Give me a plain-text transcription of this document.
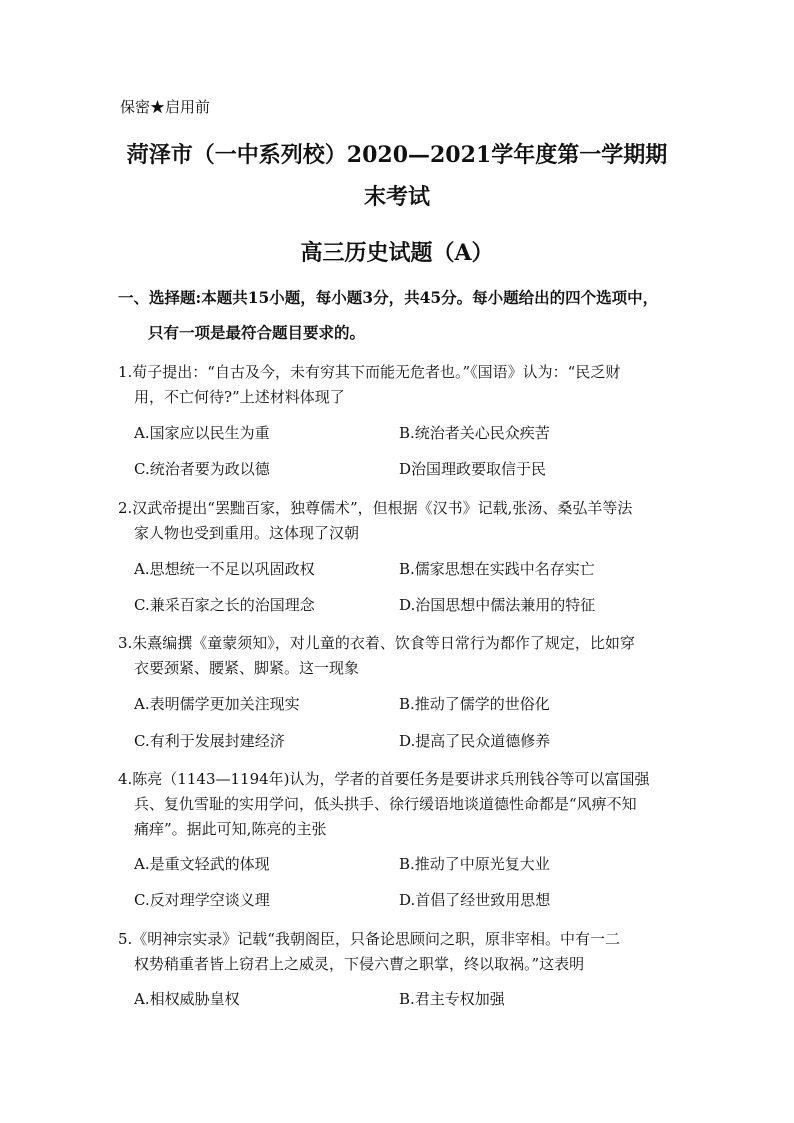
保密★启用前
菏泽市（一中系列校）2020—2021学年度第一学期期
末考试
高三历史试题（A）
一、选择题:本题共15小题，每小题3分，共45分。每小题给出的四个选项中，
只有一项是最符合题目要求的。
1.荀子提出：“自古及今，未有穷其下而能无危者也。”《国语》认为：“民乏财
用，不亡何待?”上述材料体现了
A.国家应以民生为重	B.统治者关心民众疾苦
C.统治者要为政以德	D治国理政要取信于民
2.汉武帝提出“罢黜百家，独尊儒术”，但根据《汉书》记载,张汤、桑弘羊等法
家人物也受到重用。这体现了汉朝
A.思想统一不足以巩固政权	B.儒家思想在实践中名存实亡
C.兼采百家之长的治国理念	D.治国思想中儒法兼用的特征
3.朱熹编撰《童蒙须知》，对儿童的衣着、饮食等日常行为都作了规定，比如穿
衣要颈紧、腰紧、脚紧。这一现象
A.表明儒学更加关注现实	B.推动了儒学的世俗化
C.有利于发展封建经济	D.提高了民众道德修养
4.陈亮（1143—1194年)认为，学者的首要任务是要讲求兵刑钱谷等可以富国强
兵、复仇雪耻的实用学问，低头拱手、徐行缓语地谈道德性命都是“风痹不知
痛痒”。据此可知,陈亮的主张
A.是重文轻武的体现	B.推动了中原光复大业
C.反对理学空谈义理	D.首倡了经世致用思想
5.《明神宗实录》记载“我朝阁臣，只备论思顾问之职，原非宰相。中有一二
权势稍重者皆上窃君上之威灵，下侵六曹之职掌，终以取祸。”这表明
A.相权威胁皇权	B.君主专权加强
